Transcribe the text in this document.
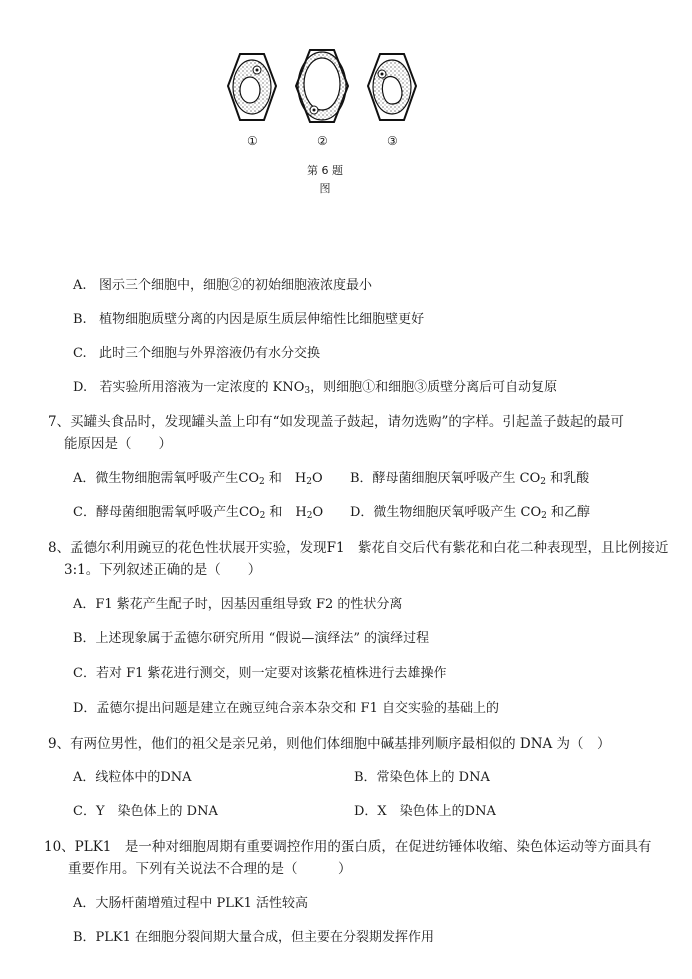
①	②	③
第 6 题
图
A. 图示三个细胞中，细胞②的初始细胞液浓度最小
B. 植物细胞质壁分离的内因是原生质层伸缩性比细胞壁更好
C. 此时三个细胞与外界溶液仍有水分交换
D. 若实验所用溶液为一定浓度的 $KNO_3$，则细胞①和细胞③质壁分离后可自动复原
7、买罐头食品时，发现罐头盖上印有“如发现盖子鼓起，请勿选购”的字样。引起盖子鼓起的最可
能原因是（　　）
A．微生物细胞需氧呼吸产生$CO_2$ 和　$H_2O$ B．酵母菌细胞厌氧呼吸产生 $CO_2$ 和乳酸
C．酵母菌细胞需氧呼吸产生$CO_2$ 和　$H_2O$ D．微生物细胞厌氧呼吸产生 $CO_2$ 和乙醇
8、孟德尔利用豌豆的花色性状展开实验，发现F1　紫花自交后代有紫花和白花二种表现型，且比例接近
3:1。下列叙述正确的是（　　）
A．F1 紫花产生配子时，因基因重组导致 F2 的性状分离
B．上述现象属于孟德尔研究所用 “假说—演绎法” 的演绎过程
C．若对 F1 紫花进行测交，则一定要对该紫花植株进行去雄操作
D．孟德尔提出问题是建立在豌豆纯合亲本杂交和 F1 自交实验的基础上的
9、有两位男性，他们的祖父是亲兄弟，则他们体细胞中碱基排列顺序最相似的 DNA 为（　）
A．线粒体中的DNA	B．常染色体上的 DNA
C．Y　染色体上的 DNA	D．X　染色体上的DNA
10、PLK1　是一种对细胞周期有重要调控作用的蛋白质，在促进纺锤体收缩、染色体运动等方面具有
重要作用。下列有关说法不合理的是（　　　）
A．大肠杆菌增殖过程中 PLK1 活性较高
B．PLK1 在细胞分裂间期大量合成，但主要在分裂期发挥作用
